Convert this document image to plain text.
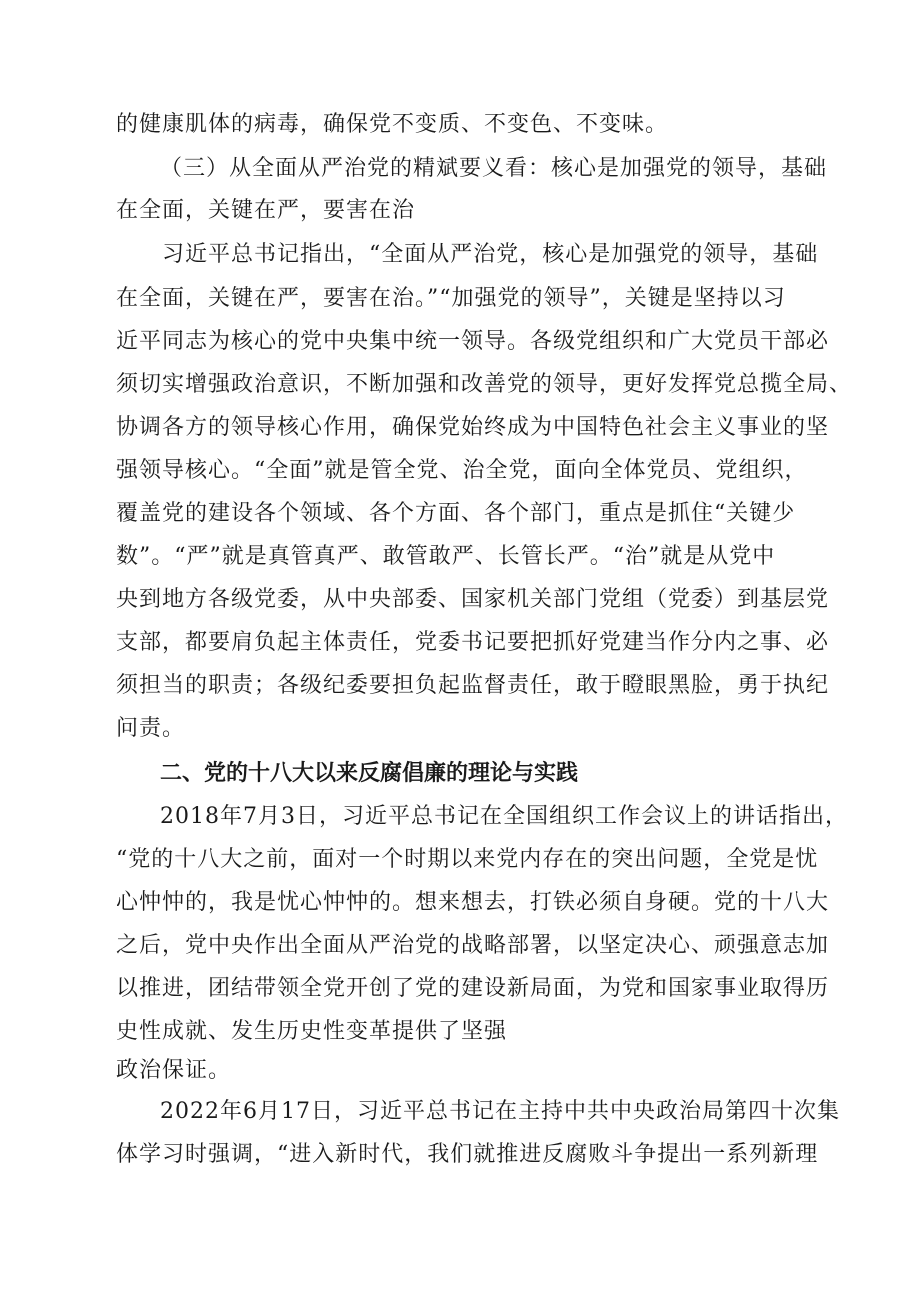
的健康肌体的病毒，确保党不变质、不变色、不变味。
（三）从全面从严治党的精斌要义看：核心是加强党的领导，基础
在全面，关键在严，要害在治
习近平总书记指出，“全面从严治党，核心是加强党的领导，基础
在全面，关键在严，要害在治。”“加强党的领导”，关键是坚持以习
近平同志为核心的党中央集中统一领导。各级党组织和广大党员干部必
须切实增强政治意识，不断加强和改善党的领导，更好发挥党总揽全局、
协调各方的领导核心作用，确保党始终成为中国特色社会主义事业的坚
强领导核心。“全面”就是管全党、治全党，面向全体党员、党组织，
覆盖党的建设各个领域、各个方面、各个部门，重点是抓住“关键少
数”。“严”就是真管真严、敢管敢严、长管长严。“治”就是从党中
央到地方各级党委，从中央部委、国家机关部门党组（党委）到基层党
支部，都要肩负起主体责任，党委书记要把抓好党建当作分内之事、必
须担当的职责；各级纪委要担负起监督责任，敢于瞪眼黑脸，勇于执纪
问责。
二、党的十八大以来反腐倡廉的理论与实践
2018年7月3日，习近平总书记在全国组织工作会议上的讲话指出，
“党的十八大之前，面对一个时期以来党内存在的突出问题，全党是忧
心忡忡的，我是忧心忡忡的。想来想去，打铁必须自身硬。党的十八大
之后，党中央作出全面从严治党的战略部署，以坚定决心、顽强意志加
以推进，团结带领全党开创了党的建设新局面，为党和国家事业取得历
史性成就、发生历史性变革提供了坚强
政治保证。
2022年6月17日，习近平总书记在主持中共中央政治局第四十次集
体学习时强调，“进入新时代，我们就推进反腐败斗争提出一系列新理
